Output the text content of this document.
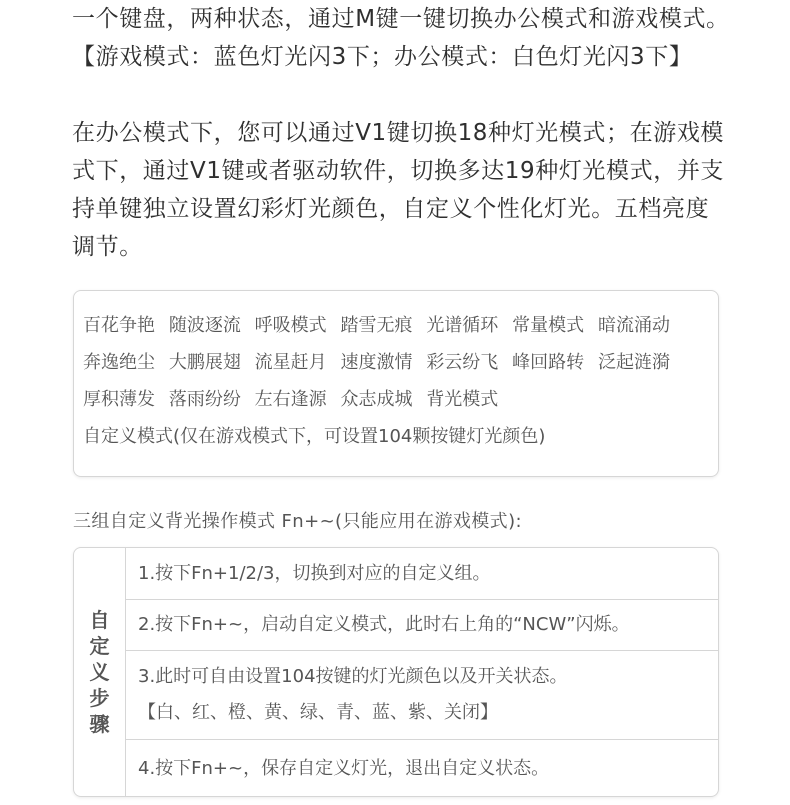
一个键盘，两种状态，通过M键一键切换办公模式和游戏模式。【游戏模式：蓝色灯光闪3下；办公模式：白色灯光闪3下】
在办公模式下，您可以通过V1键切换18种灯光模式；在游戏模式下，通过V1键或者驱动软件，切换多达19种灯光模式，并支持单键独立设置幻彩灯光颜色，自定义个性化灯光。五档亮度调节。
百花争艳 随波逐流 呼吸模式 踏雪无痕 光谱循环 常量模式 暗流涌动 奔逸绝尘 大鹏展翅 流星赶月 速度激情 彩云纷飞 峰回路转 泛起涟漪 厚积薄发 落雨纷纷 左右逢源 众志成城 背光模式
自定义模式(仅在游戏模式下，可设置104颗按键灯光颜色)
三组自定义背光操作模式 Fn+~(只能应用在游戏模式):
自定义步骤
1.按下Fn+1/2/3，切换到对应的自定义组。
2.按下Fn+~，启动自定义模式，此时右上角的“NCW”闪烁。
3.此时可自由设置104按键的灯光颜色以及开关状态。
【白、红、橙、黄、绿、青、蓝、紫、关闭】
4.按下Fn+~，保存自定义灯光，退出自定义状态。
